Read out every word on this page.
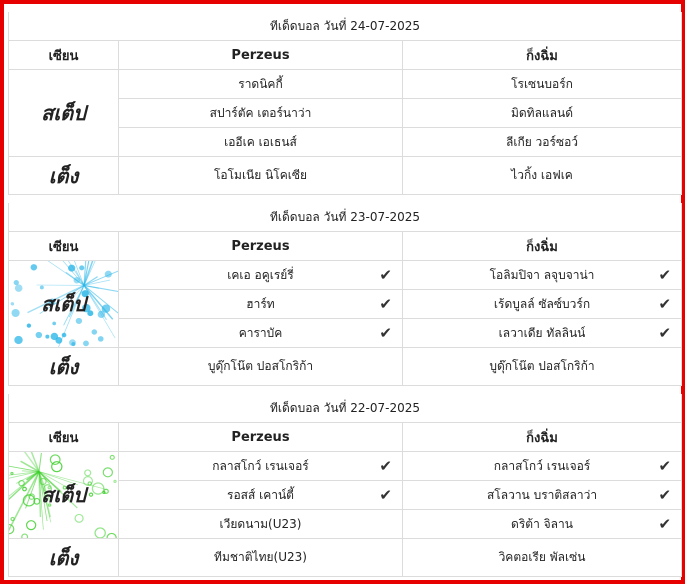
ทีเด็ดบอล วันที่ 24-07-2025		
เซียน	Perzeus	ก็งฉิ่ม
สเต็ป	ราดนิคกี้	โรเซนบอร์ก
	สปาร์ตัค เตอร์นาว่า	มิดทิลแลนด์
	เออีเค เอเธนส์	ลีเกีย วอร์ซอว์
เต็ง	โอโมเนีย นิโคเซีย	ไวกิ้ง เอฟเค
ทีเด็ดบอล วันที่ 23-07-2025		
เซียน	Perzeus	ก็งฉิ่ม

สเต็ป	เคเอ อคูเรย์รี่ ✔	โอลิมปิจา ลจุบจาน่า ✔

	ฮาร์ท ✔	เร้ดบูลล์ ซัลซ์บวร์ก ✔

	คาราบัค ✔	เลวาเดีย ทัลลินน์ ✔

เต็ง	บูดุ๊กโน๊ต ปอสโกริก้า	บูดุ๊กโน๊ต ปอสโกริก้า
ทีเด็ดบอล วันที่ 22-07-2025		
เซียน	Perzeus	ก็งฉิ่ม

สเต็ป	กลาสโกว์ เรนเจอร์ ✔	กลาสโกว์ เรนเจอร์ ✔

	รอสส์ เคาน์ตี้ ✔	สโลวาน บราติสลาว่า ✔

	เวียดนาม(U23)	ดริต้า จิลาน ✔

เต็ง	ทีมชาติไทย(U23)	วิคตอเรีย พัลเซ่น
